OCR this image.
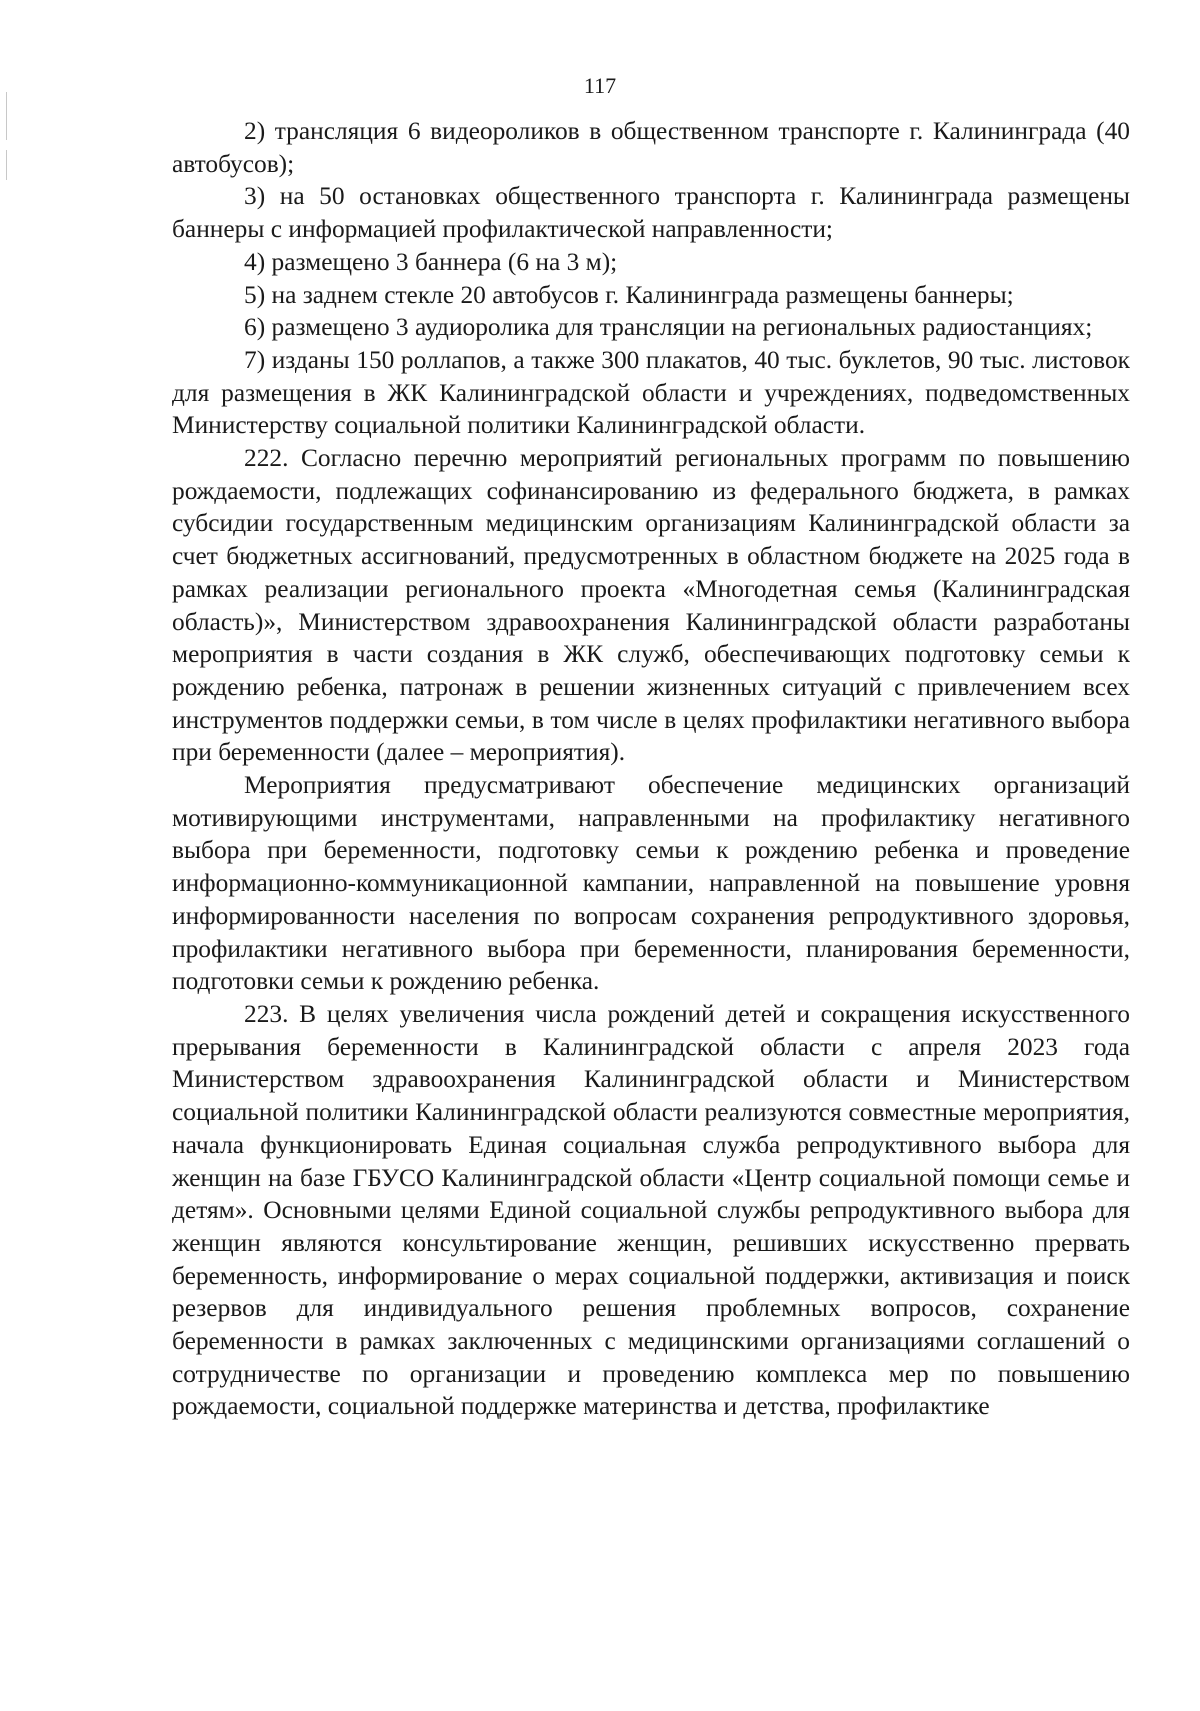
117

2) трансляция 6 видеороликов в общественном транспорте г. Калининграда (40 автобусов);

3) на 50 остановках общественного транспорта г. Калининграда размещены баннеры с информацией профилактической направленности;

4) размещено 3 баннера (6 на 3 м);

5) на заднем стекле 20 автобусов г. Калининграда размещены баннеры;

6) размещено 3 аудиоролика для трансляции на региональных радиостанциях;

7) изданы 150 роллапов, а также 300 плакатов, 40 тыс. буклетов, 90 тыс. листовок для размещения в ЖК Калининградской области и учреждениях, подведомственных Министерству социальной политики Калининградской области.

222. Согласно перечню мероприятий региональных программ по повышению рождаемости, подлежащих софинансированию из федерального бюджета, в рамках субсидии государственным медицинским организациям Калининградской области за счет бюджетных ассигнований, предусмотренных в областном бюджете на 2025 года в рамках реализации регионального проекта «Многодетная семья (Калининградская область)», Министерством здравоохранения Калининградской области разработаны мероприятия в части создания в ЖК служб, обеспечивающих подготовку семьи к рождению ребенка, патронаж в решении жизненных ситуаций с привлечением всех инструментов поддержки семьи, в том числе в целях профилактики негативного выбора при беременности (далее – мероприятия).

Мероприятия предусматривают обеспечение медицинских организаций мотивирующими инструментами, направленными на профилактику негативного выбора при беременности, подготовку семьи к рождению ребенка и проведение информационно-коммуникационной кампании, направленной на повышение уровня информированности населения по вопросам сохранения репродуктивного здоровья, профилактики негативного выбора при беременности, планирования беременности, подготовки семьи к рождению ребенка.

223. В целях увеличения числа рождений детей и сокращения искусственного прерывания беременности в Калининградской области с апреля 2023 года Министерством здравоохранения Калининградской области и Министерством социальной политики Калининградской области реализуются совместные мероприятия, начала функционировать Единая социальная служба репродуктивного выбора для женщин на базе ГБУСО Калининградской области «Центр социальной помощи семье и детям». Основными целями Единой социальной службы репродуктивного выбора для женщин являются консультирование женщин, решивших искусственно прервать беременность, информирование о мерах социальной поддержки, активизация и поиск резервов для индивидуального решения проблемных вопросов, сохранение беременности в рамках заключенных с медицинскими организациями соглашений о сотрудничестве по организации и проведению комплекса мер по повышению рождаемости, социальной поддержке материнства и детства, профилактике
